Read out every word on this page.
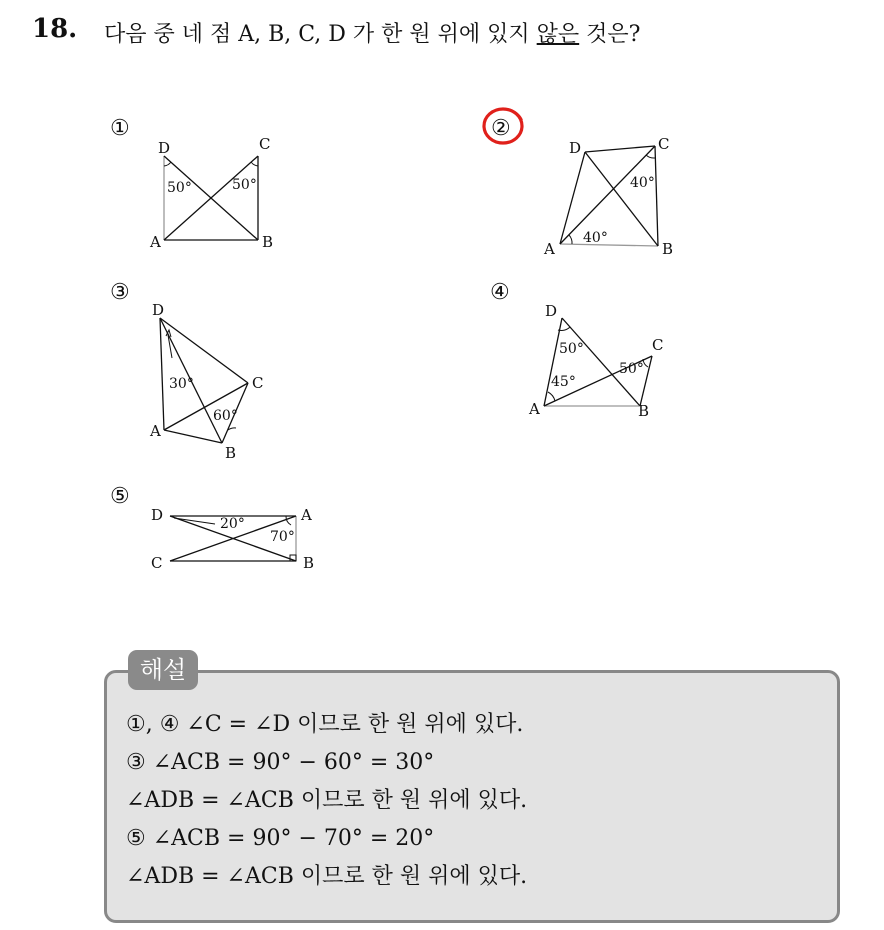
18. 다음 중 네 점 A, B, C, D 가 한 원 위에 있지 않은 것은?
①	②
③	④
⑤
D	C
A	B
50°	50°
D	C
A	B
40°
40°
D
C
A
B
30°
60°
D
C
A	B
50°
45°
50°
D	A
C	B
20°
70°
해설
①, ④ ∠C = ∠D 이므로 한 원 위에 있다.
③ ∠ACB = 90° − 60° = 30°
∠ADB = ∠ACB 이므로 한 원 위에 있다.
⑤ ∠ACB = 90° − 70° = 20°
∠ADB = ∠ACB 이므로 한 원 위에 있다.
